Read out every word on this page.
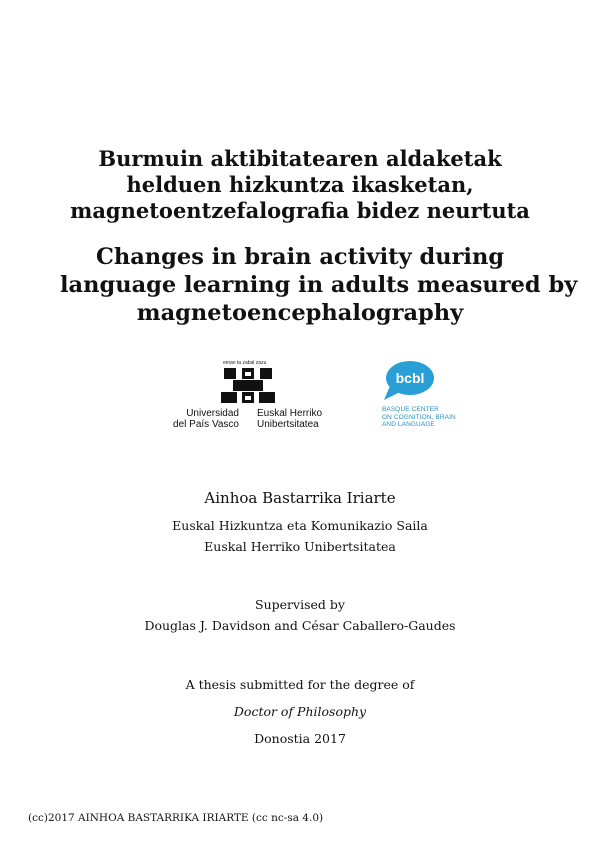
Burmuin aktibitatearen aldaketak
helduen hizkuntza ikasketan,
magnetoentzefalografia bidez neurtuta
Changes in brain activity during
language learning in adults measured by
magnetoencephalography
eman ta zabal zazu
Universidad
del País Vasco
Euskal Herriko
Unibertsitatea
bcbl
BASQUE CENTER
ON COGNITION, BRAIN
AND LANGUAGE

Ainhoa Bastarrika Iriarte

Euskal Hizkuntza eta Komunikazio Saila

Euskal Herriko Unibertsitatea

Supervised by

Douglas J. Davidson and César Caballero-Gaudes

A thesis submitted for the degree of

Doctor of Philosophy

Donostia 2017

(cc)2017 AINHOA BASTARRIKA IRIARTE (cc nc-sa 4.0)
